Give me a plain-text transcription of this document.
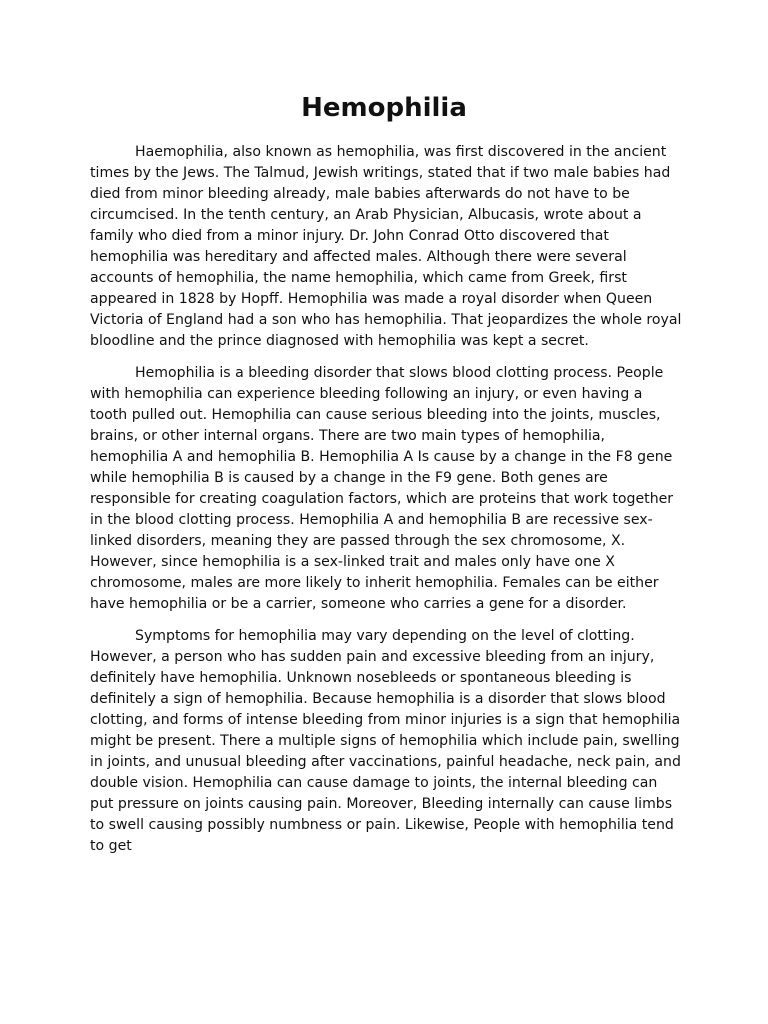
Hemophilia

Haemophilia, also known as hemophilia, was first discovered in the ancient times by the Jews. The Talmud, Jewish writings, stated that if two male babies had died from minor bleeding already, male babies afterwards do not have to be circumcised. In the tenth century, an Arab Physician, Albucasis, wrote about a family who died from a minor injury. Dr. John Conrad Otto discovered that hemophilia was hereditary and affected males. Although there were several accounts of hemophilia, the name hemophilia, which came from Greek, first appeared in 1828 by Hopff. Hemophilia was made a royal disorder when Queen Victoria of England had a son who has hemophilia. That jeopardizes the whole royal bloodline and the prince diagnosed with hemophilia was kept a secret.

Hemophilia is a bleeding disorder that slows blood clotting process. People with hemophilia can experience bleeding following an injury, or even having a tooth pulled out. Hemophilia can cause serious bleeding into the joints, muscles, brains, or other internal organs. There are two main types of hemophilia, hemophilia A and hemophilia B. Hemophilia A Is cause by a change in the F8 gene while hemophilia B is caused by a change in the F9 gene. Both genes are responsible for creating coagulation factors, which are proteins that work together in the blood clotting process. Hemophilia A and hemophilia B are recessive sex-linked disorders, meaning they are passed through the sex chromosome, X. However, since hemophilia is a sex-linked trait and males only have one X chromosome, males are more likely to inherit hemophilia. Females can be either have hemophilia or be a carrier, someone who carries a gene for a disorder.

Symptoms for hemophilia may vary depending on the level of clotting. However, a person who has sudden pain and excessive bleeding from an injury, definitely have hemophilia. Unknown nosebleeds or spontaneous bleeding is definitely a sign of hemophilia. Because hemophilia is a disorder that slows blood clotting, and forms of intense bleeding from minor injuries is a sign that hemophilia might be present. There a multiple signs of hemophilia which include pain, swelling in joints, and unusual bleeding after vaccinations, painful headache, neck pain, and double vision. Hemophilia can cause damage to joints, the internal bleeding can put pressure on joints causing pain. Moreover, Bleeding internally can cause limbs to swell causing possibly numbness or pain. Likewise, People with hemophilia tend to get
